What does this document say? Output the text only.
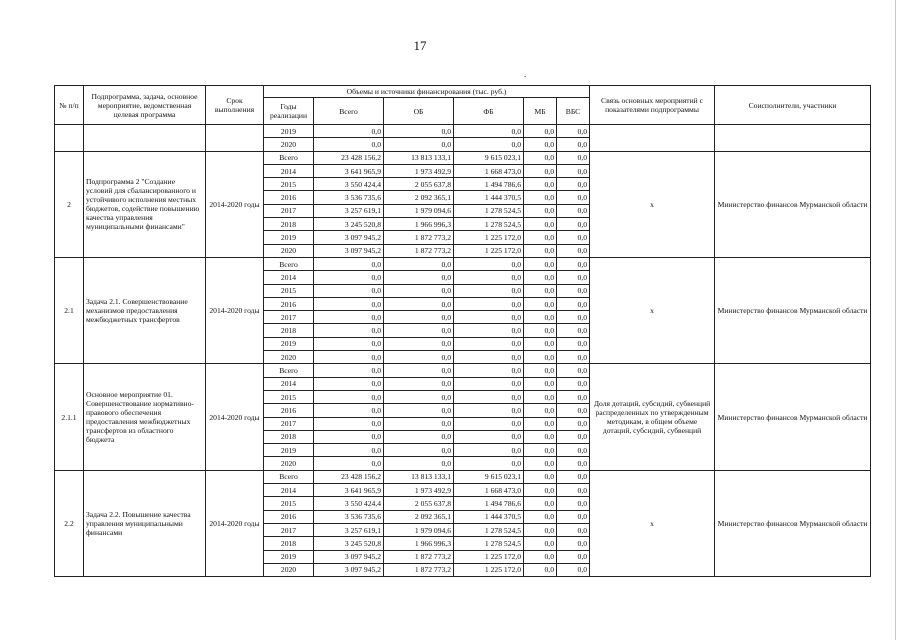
17
.
№ п/п	Подпрограмма, задача, основное мероприятие, ведомственная целевая программа	Срок выполнения	Объемы и источники финансирования (тыс. руб.)						Связь основных мероприятий с показателями подпрограммы	Соисполнители, участники
			Годы реализации	Всего	ОБ	ФБ	МБ	ВБС		
			2019	0,0	0,0	0,0	0,0	0,0		
			2020	0,0	0,0	0,0	0,0	0,0		
2	Подпрограмма 2 "Создание условий для сбалансированного и устойчивого исполнения местных бюджетов, содействие повышению качества управления муниципальными финансами"	2014-2020 годы	Всего	23 428 156,2	13 813 133,1	9 615 023,1	0,0	0,0	x	Министерство финансов Мурманской области
			2014	3 641 965,9	1 973 492,9	1 668 473,0	0,0	0,0		
			2015	3 550 424,4	2 055 637,8	1 494 786,6	0,0	0,0		
			2016	3 536 735,6	2 092 365,1	1 444 370,5	0,0	0,0		
			2017	3 257 619,1	1 979 094,6	1 278 524,5	0,0	0,0		
			2018	3 245 520,8	1 966 996,3	1 278 524,5	0,0	0,0		
			2019	3 097 945,2	1 872 773,2	1 225 172,0	0,0	0,0		
			2020	3 097 945,2	1 872 773,2	1 225 172,0	0,0	0,0		
2.1	Задача 2.1. Совершенствование механизмов предоставления межбюджетных трансфертов	2014-2020 годы	Всего	0,0	0,0	0,0	0,0	0,0	x	Министерство финансов Мурманской области
			2014	0,0	0,0	0,0	0,0	0,0		
			2015	0,0	0,0	0,0	0,0	0,0		
			2016	0,0	0,0	0,0	0,0	0,0		
			2017	0,0	0,0	0,0	0,0	0,0		
			2018	0,0	0,0	0,0	0,0	0,0		
			2019	0,0	0,0	0,0	0,0	0,0		
			2020	0,0	0,0	0,0	0,0	0,0		
2.1.1	Основное мероприятие 01. Совершенствование нормативно-правового обеспечения предоставления межбюджетных трансфертов из областного бюджета	2014-2020 годы	Всего	0,0	0,0	0,0	0,0	0,0	Доля дотаций, субсидий, субвенций распределенных по утвержденным методикам, в общем объеме дотаций, субсидий, субвенций	Министерство финансов Мурманской области
			2014	0,0	0,0	0,0	0,0	0,0		
			2015	0,0	0,0	0,0	0,0	0,0		
			2016	0,0	0,0	0,0	0,0	0,0		
			2017	0,0	0,0	0,0	0,0	0,0		
			2018	0,0	0,0	0,0	0,0	0,0		
			2019	0,0	0,0	0,0	0,0	0,0		
			2020	0,0	0,0	0,0	0,0	0,0		
2.2	Задача 2.2. Повышение качества управления муниципальными финансами	2014-2020 годы	Всего	23 428 156,2	13 813 133,1	9 615 023,1	0,0	0,0	x	Министерство финансов Мурманской области
			2014	3 641 965,9	1 973 492,9	1 668 473,0	0,0	0,0		
			2015	3 550 424,4	2 055 637,8	1 494 786,6	0,0	0,0		
			2016	3 536 735,6	2 092 365,1	1 444 370,5	0,0	0,0		
			2017	3 257 619,1	1 979 094,6	1 278 524,5	0,0	0,0		
			2018	3 245 520,8	1 966 996,3	1 278 524,5	0,0	0,0		
			2019	3 097 945,2	1 872 773,2	1 225 172,0	0,0	0,0		
			2020	3 097 945,2	1 872 773,2	1 225 172,0	0,0	0,0		
